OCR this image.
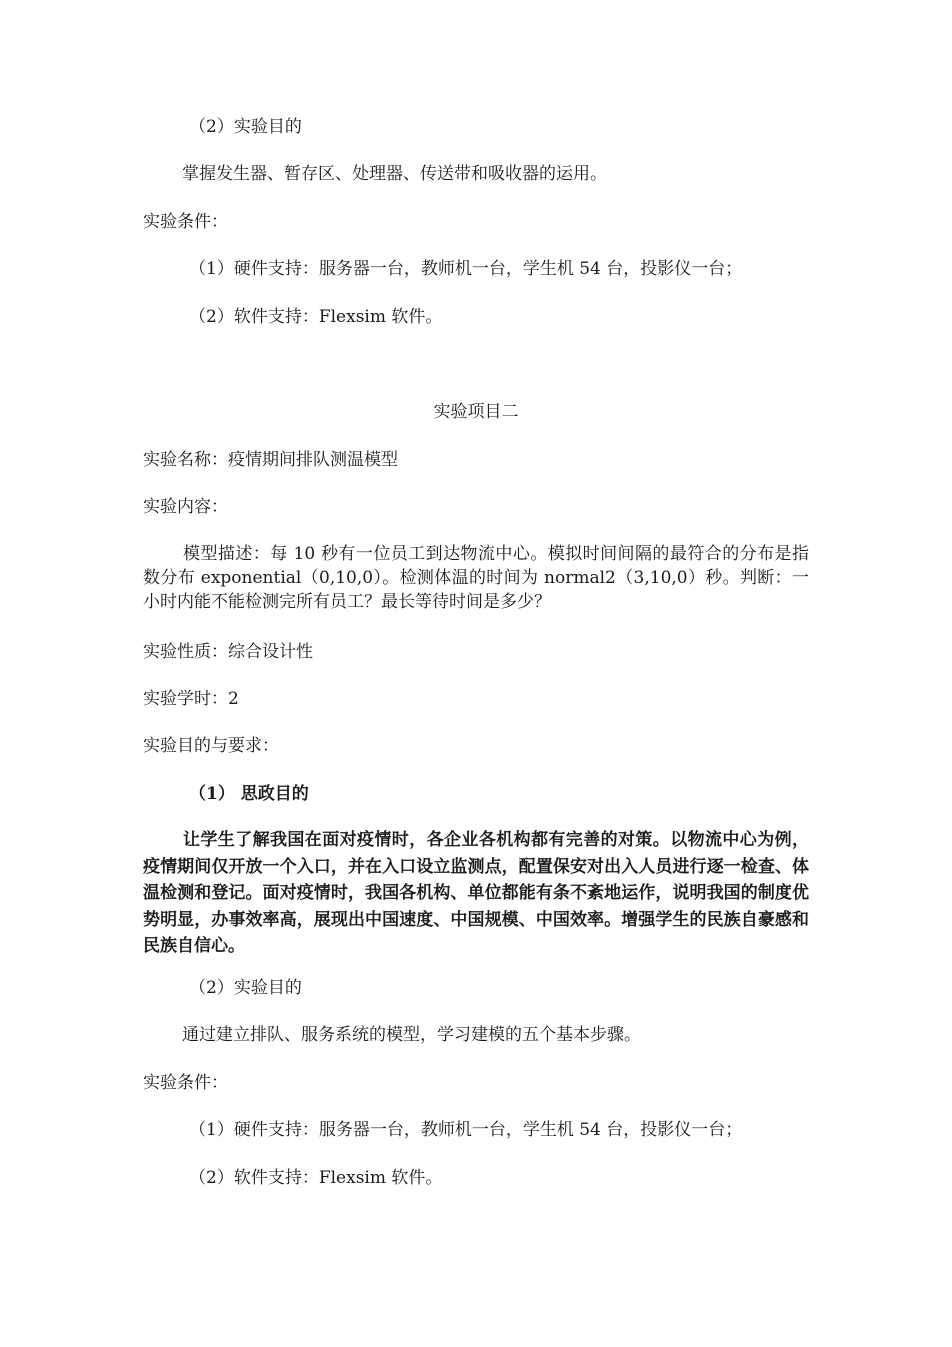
（2）实验目的
掌握发生器、暂存区、处理器、传送带和吸收器的运用。
实验条件：
（1）硬件支持：服务器一台，教师机一台，学生机 54 台，投影仪一台；
（2）软件支持：Flexsim 软件。
实验项目二
实验名称：疫情期间排队测温模型
实验内容：
模型描述：每 10 秒有一位员工到达物流中心。模拟时间间隔的最符合的分布是指数分布 exponential（0,10,0）。检测体温的时间为 normal2（3,10,0）秒。判断：一小时内能不能检测完所有员工？最长等待时间是多少？
实验性质：综合设计性
实验学时：2
实验目的与要求：
（1） 思政目的
让学生了解我国在面对疫情时，各企业各机构都有完善的对策。以物流中心为例，疫情期间仅开放一个入口，并在入口设立监测点，配置保安对出入人员进行逐一检查、体温检测和登记。面对疫情时，我国各机构、单位都能有条不紊地运作，说明我国的制度优势明显，办事效率高，展现出中国速度、中国规模、中国效率。增强学生的民族自豪感和民族自信心。
（2）实验目的
通过建立排队、服务系统的模型，学习建模的五个基本步骤。
实验条件：
（1）硬件支持：服务器一台，教师机一台，学生机 54 台，投影仪一台；
（2）软件支持：Flexsim 软件。
